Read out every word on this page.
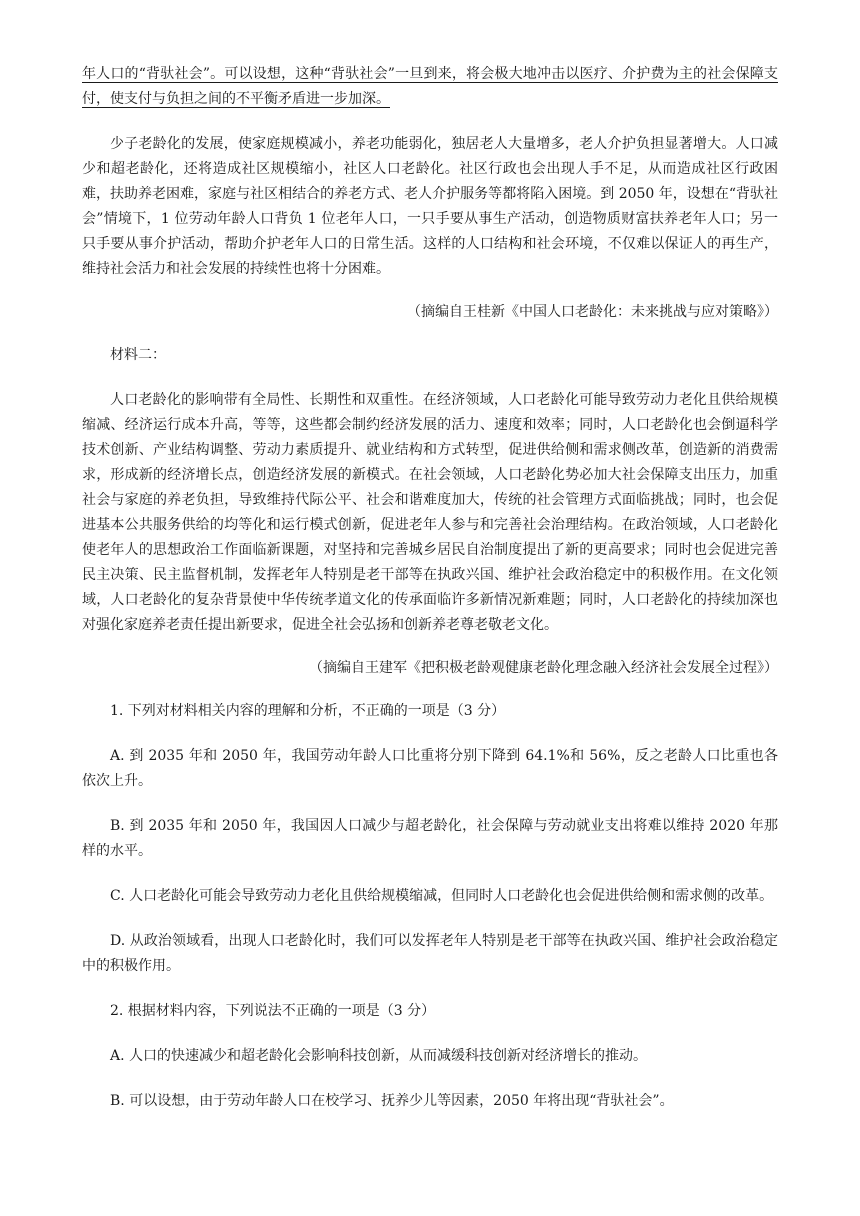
年人口的“背驮社会”。可以设想，这种“背驮社会”一旦到来，将会极大地冲击以医疗、介护费为主的社会保障支付，使支付与负担之间的不平衡矛盾进一步加深。

少子老龄化的发展，使家庭规模减小，养老功能弱化，独居老人大量增多，老人介护负担显著增大。人口减少和超老龄化，还将造成社区规模缩小，社区人口老龄化。社区行政也会出现人手不足，从而造成社区行政困难，扶助养老困难，家庭与社区相结合的养老方式、老人介护服务等都将陷入困境。到 2050 年，设想在“背驮社会”情境下，1 位劳动年龄人口背负 1 位老年人口，一只手要从事生产活动，创造物质财富扶养老年人口；另一只手要从事介护活动，帮助介护老年人口的日常生活。这样的人口结构和社会环境，不仅难以保证人的再生产，维持社会活力和社会发展的持续性也将十分困难。

（摘编自王桂新《中国人口老龄化：未来挑战与应对策略》）

材料二：

人口老龄化的影响带有全局性、长期性和双重性。在经济领域，人口老龄化可能导致劳动力老化且供给规模缩减、经济运行成本升高，等等，这些都会制约经济发展的活力、速度和效率；同时，人口老龄化也会倒逼科学技术创新、产业结构调整、劳动力素质提升、就业结构和方式转型，促进供给侧和需求侧改革，创造新的消费需求，形成新的经济增长点，创造经济发展的新模式。在社会领域，人口老龄化势必加大社会保障支出压力，加重社会与家庭的养老负担，导致维持代际公平、社会和谐难度加大，传统的社会管理方式面临挑战；同时，也会促进基本公共服务供给的均等化和运行模式创新，促进老年人参与和完善社会治理结构。在政治领域，人口老龄化使老年人的思想政治工作面临新课题，对坚持和完善城乡居民自治制度提出了新的更高要求；同时也会促进完善民主决策、民主监督机制，发挥老年人特别是老干部等在执政兴国、维护社会政治稳定中的积极作用。在文化领域，人口老龄化的复杂背景使中华传统孝道文化的传承面临许多新情况新难题；同时，人口老龄化的持续加深也对强化家庭养老责任提出新要求，促进全社会弘扬和创新养老尊老敬老文化。

（摘编自王建军《把积极老龄观健康老龄化理念融入经济社会发展全过程》）

1. 下列对材料相关内容的理解和分析，不正确的一项是（3 分）

A. 到 2035 年和 2050 年，我国劳动年龄人口比重将分别下降到 64.1%和 56%，反之老龄人口比重也各依次上升。

B. 到 2035 年和 2050 年，我国因人口减少与超老龄化，社会保障与劳动就业支出将难以维持 2020 年那样的水平。

C. 人口老龄化可能会导致劳动力老化且供给规模缩减，但同时人口老龄化也会促进供给侧和需求侧的改革。

D. 从政治领域看，出现人口老龄化时，我们可以发挥老年人特别是老干部等在执政兴国、维护社会政治稳定中的积极作用。

2. 根据材料内容，下列说法不正确的一项是（3 分）

A. 人口的快速减少和超老龄化会影响科技创新，从而减缓科技创新对经济增长的推动。

B. 可以设想，由于劳动年龄人口在校学习、抚养少儿等因素，2050 年将出现“背驮社会”。
